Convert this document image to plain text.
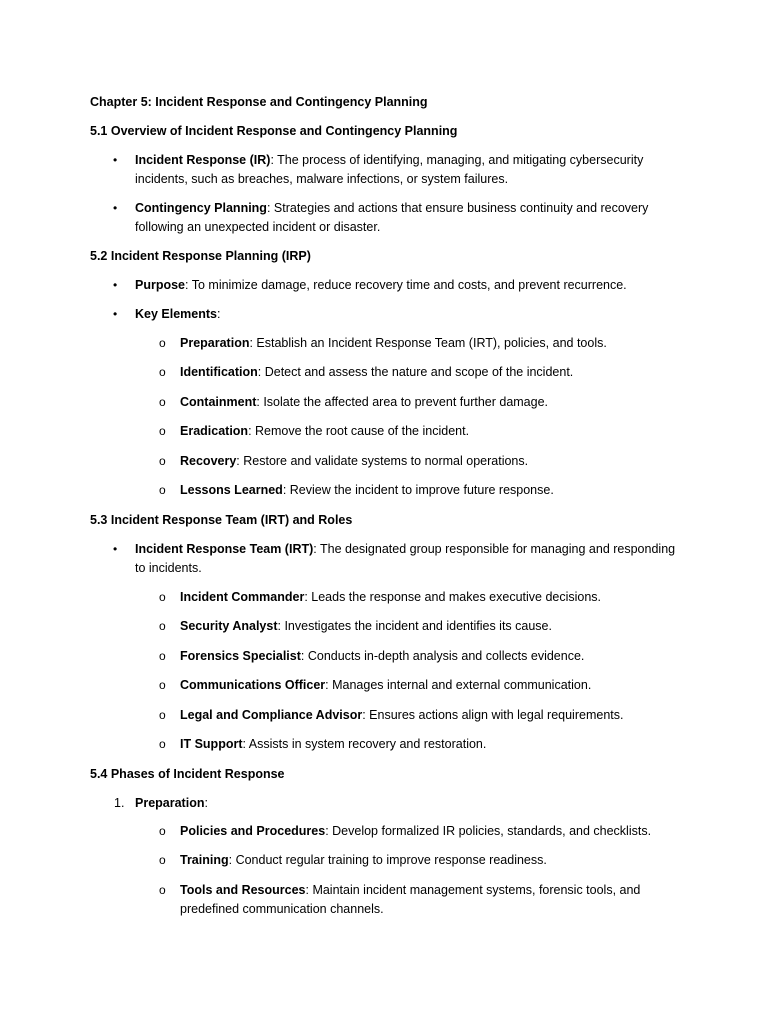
Chapter 5: Incident Response and Contingency Planning
5.1 Overview of Incident Response and Contingency Planning
• Incident Response (IR): The process of identifying, managing, and mitigating cybersecurity
incidents, such as breaches, malware infections, or system failures.
• Contingency Planning: Strategies and actions that ensure business continuity and recovery
following an unexpected incident or disaster.
5.2 Incident Response Planning (IRP)
• Purpose: To minimize damage, reduce recovery time and costs, and prevent recurrence.
• Key Elements:
o Preparation: Establish an Incident Response Team (IRT), policies, and tools.
o Identification: Detect and assess the nature and scope of the incident.
o Containment: Isolate the affected area to prevent further damage.
o Eradication: Remove the root cause of the incident.
o Recovery: Restore and validate systems to normal operations.
o Lessons Learned: Review the incident to improve future response.
5.3 Incident Response Team (IRT) and Roles
• Incident Response Team (IRT): The designated group responsible for managing and responding
to incidents.
o Incident Commander: Leads the response and makes executive decisions.
o Security Analyst: Investigates the incident and identifies its cause.
o Forensics Specialist: Conducts in-depth analysis and collects evidence.
o Communications Officer: Manages internal and external communication.
o Legal and Compliance Advisor: Ensures actions align with legal requirements.
o IT Support: Assists in system recovery and restoration.
5.4 Phases of Incident Response
1. Preparation:
o Policies and Procedures: Develop formalized IR policies, standards, and checklists.
o Training: Conduct regular training to improve response readiness.
o Tools and Resources: Maintain incident management systems, forensic tools, and
predefined communication channels.
